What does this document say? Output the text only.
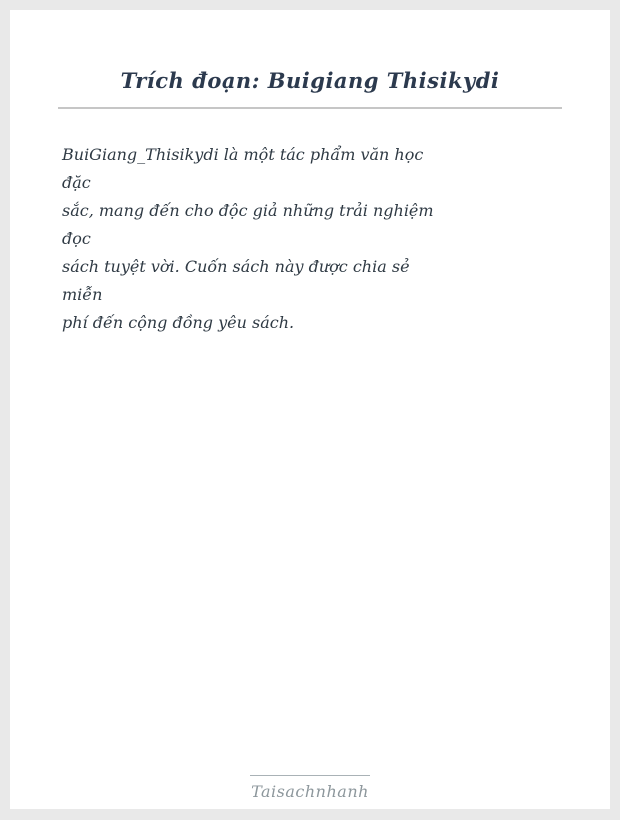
Trích đoạn: Buigiang Thisikydi

BuiGiang_Thisikydi là một tác phẩm văn học

đặc

sắc, mang đến cho độc giả những trải nghiệm

đọc

sách tuyệt vời. Cuốn sách này được chia sẻ

miễn

phí đến cộng đồng yêu sách.

Taisachnhanh
